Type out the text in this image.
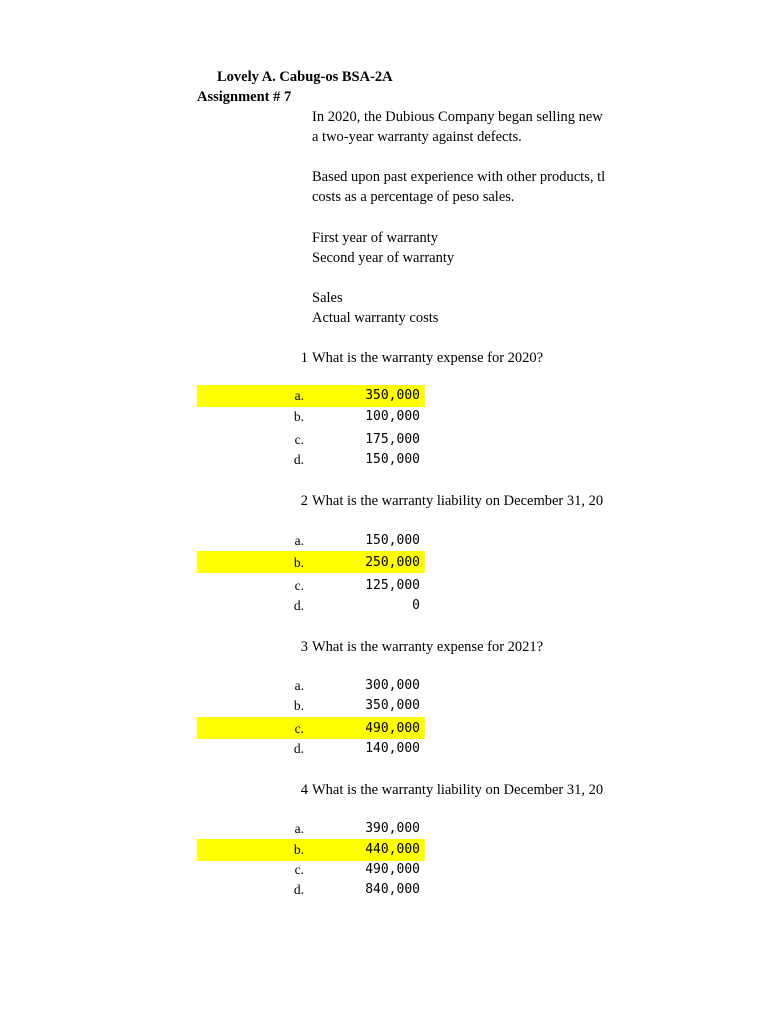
Lovely A. Cabug-os BSA-2A
Assignment # 7
In 2020, the Dubious Company began selling new
a two-year warranty against defects.
Based upon past experience with other products, tl
costs as a percentage of peso sales.
First year of warranty
Second year of warranty
Sales
Actual warranty costs
1 What is the warranty expense for 2020?
a.	350,000
b.	100,000
c.	175,000
d.	150,000
2 What is the warranty liability on December 31, 20
a.	150,000
b.	250,000
c.	125,000
d.	0
3 What is the warranty expense for 2021?
a.	300,000
b.	350,000
c.	490,000
d.	140,000
4 What is the warranty liability on December 31, 20
a.	390,000
b.	440,000
c.	490,000
d.	840,000
